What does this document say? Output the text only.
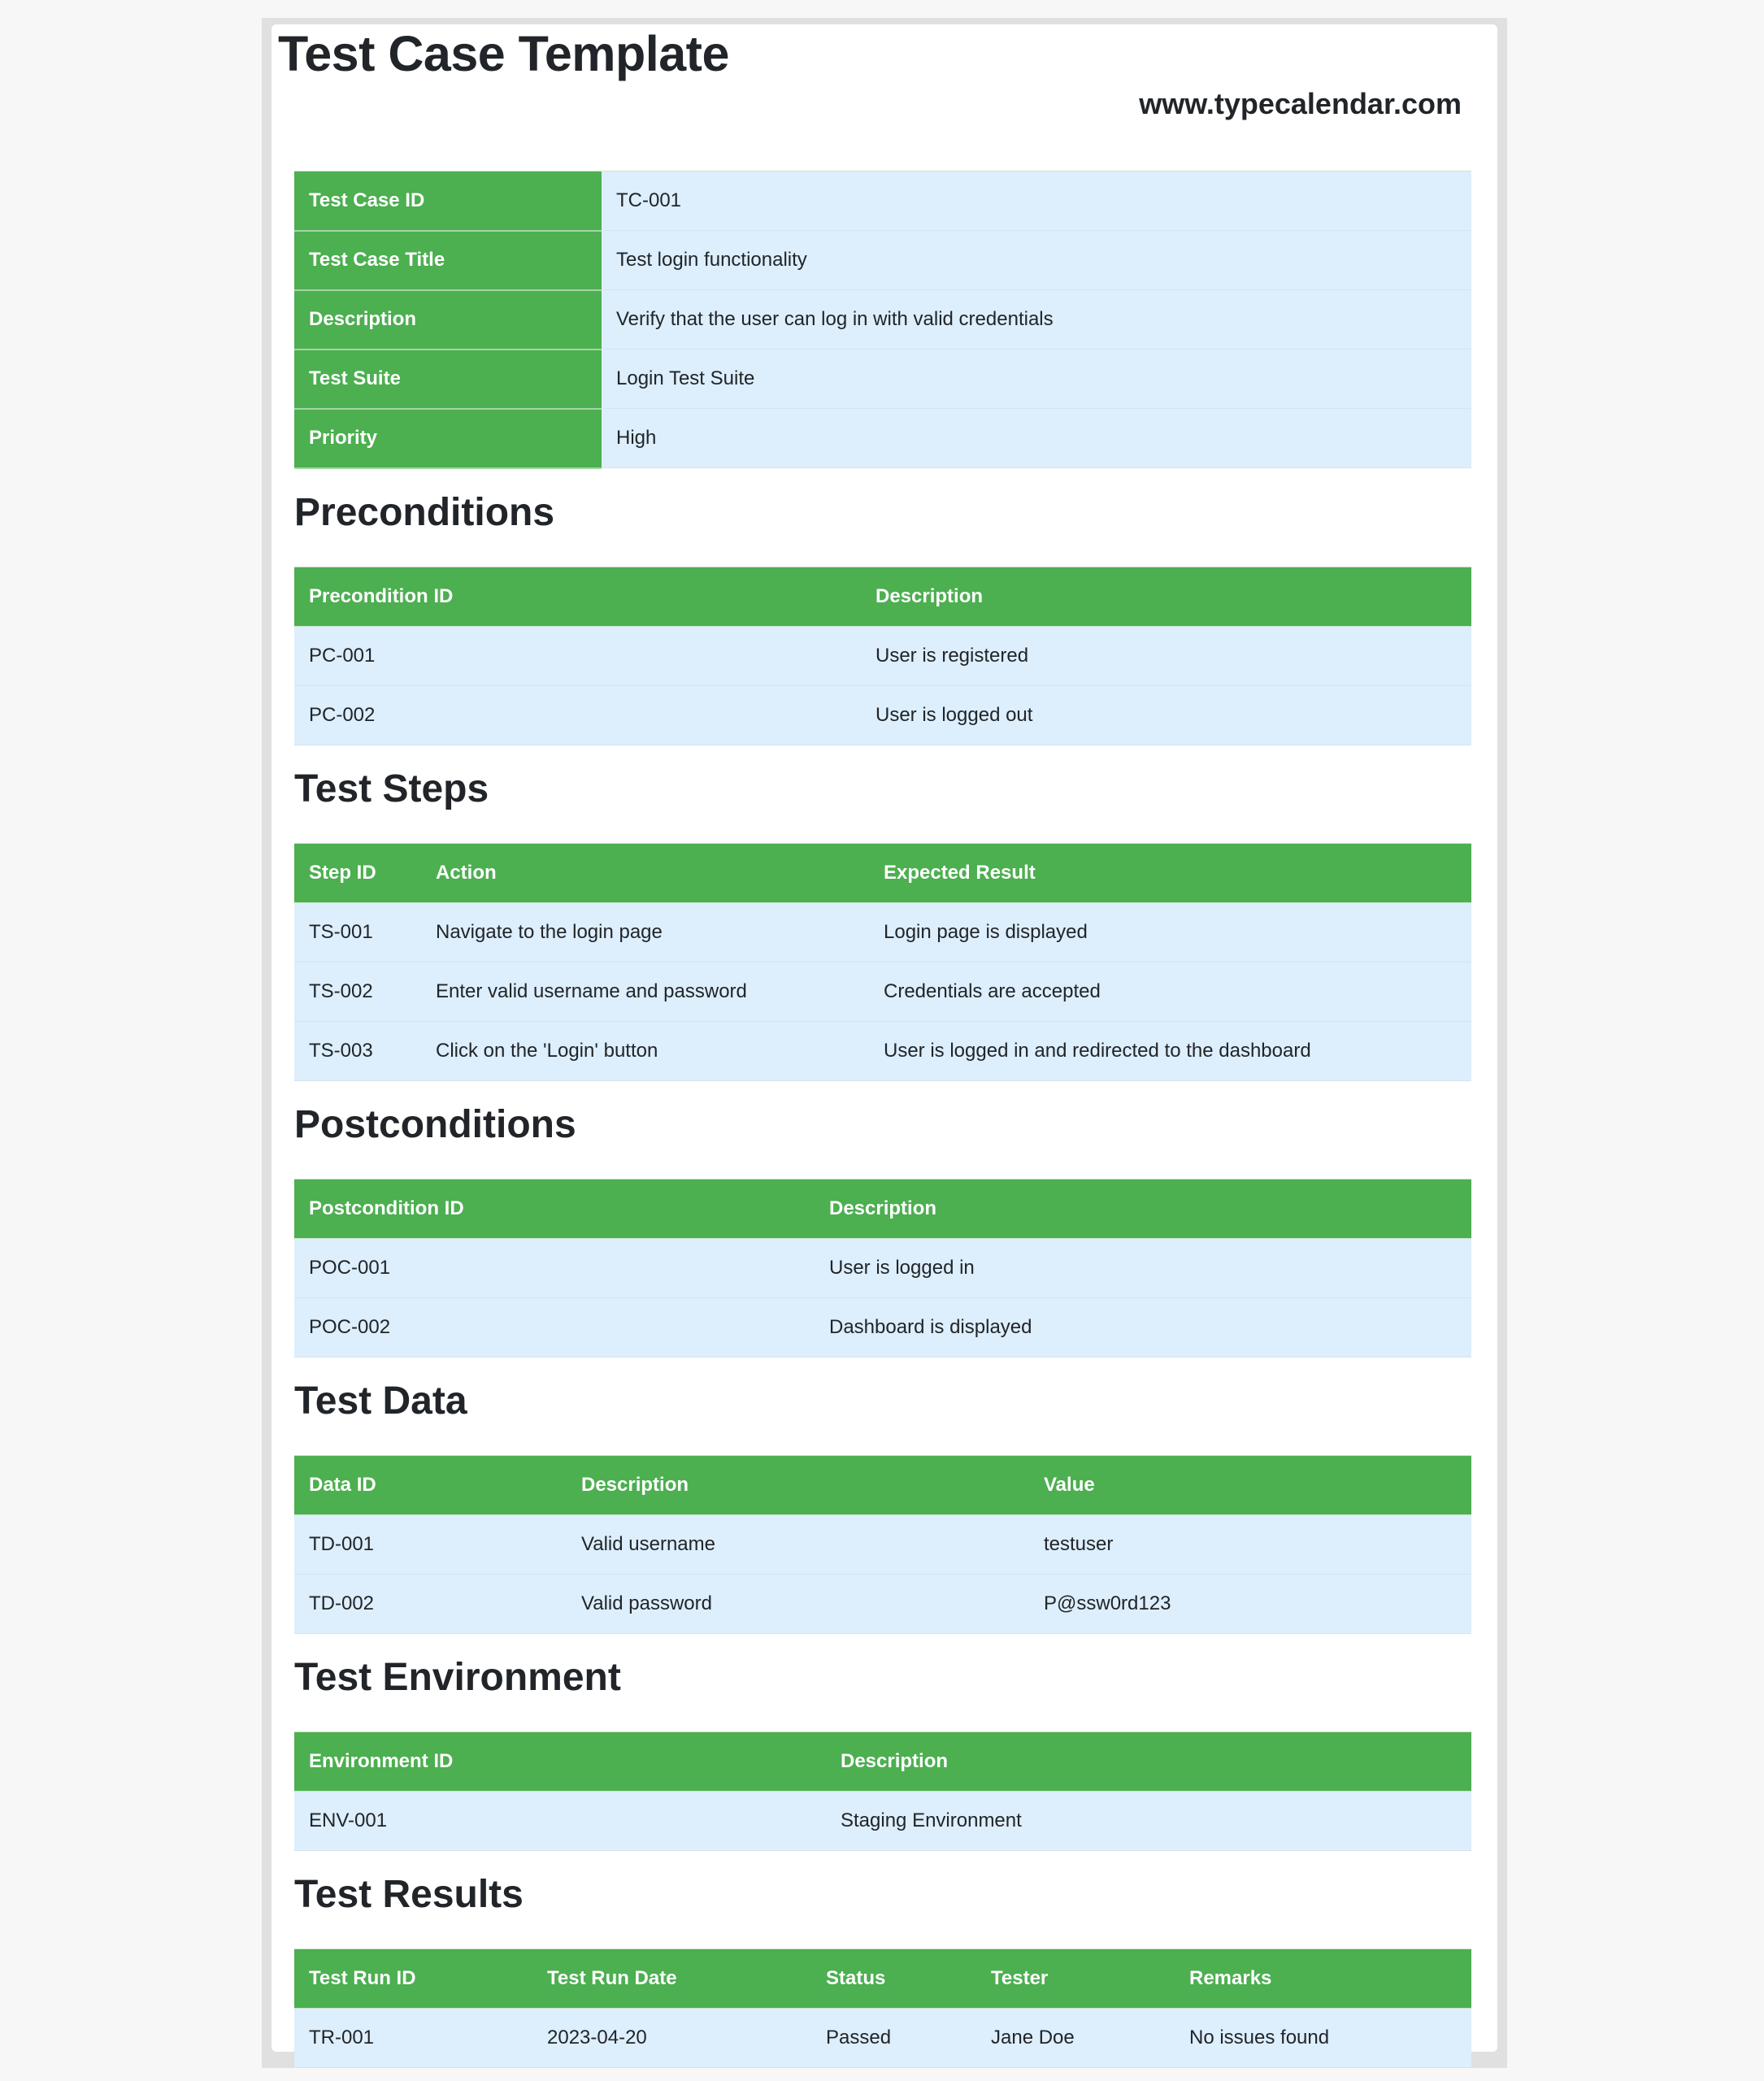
Test Case Template
www.typecalendar.com
Test Case ID	TC-001
Test Case Title	Test login functionality
Description	Verify that the user can log in with valid credentials
Test Suite	Login Test Suite
Priority	High
Preconditions
Precondition ID	Description
PC-001	User is registered
PC-002	User is logged out
Test Steps
Step ID	Action	Expected Result
TS-001	Navigate to the login page	Login page is displayed
TS-002	Enter valid username and password	Credentials are accepted
TS-003	Click on the 'Login' button	User is logged in and redirected to the dashboard
Postconditions
Postcondition ID	Description
POC-001	User is logged in
POC-002	Dashboard is displayed
Test Data
Data ID	Description	Value
TD-001	Valid username	testuser
TD-002	Valid password	P@ssw0rd123
Test Environment
Environment ID	Description
ENV-001	Staging Environment
Test Results
Test Run ID	Test Run Date	Status	Tester	Remarks
TR-001	2023-04-20	Passed	Jane Doe	No issues found
